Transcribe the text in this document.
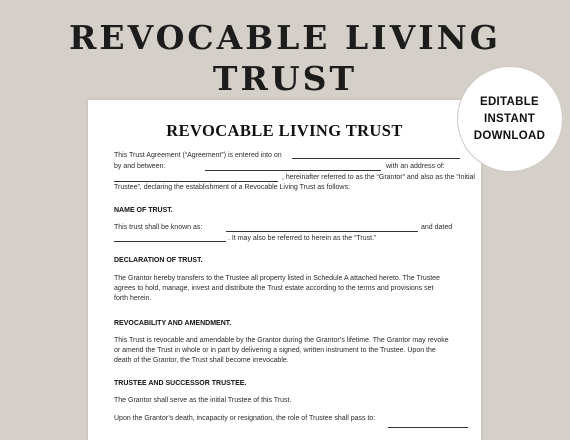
REVOCABLE LIVING
TRUST
REVOCABLE LIVING TRUST
This Trust Agreement (“Agreement”) is entered into on
by and between:	with an address of:
, hereinafter referred to as the “Grantor” and also as the “Initial
Trustee”, declaring the establishment of a Revocable Living Trust as follows:
NAME OF TRUST.
This trust shall be known as:	and dated
. It may also be referred to herein as the “Trust.”
DECLARATION OF TRUST.
The Grantor hereby transfers to the Trustee all property listed in Schedule A attached hereto. The Trustee
agrees to hold, manage, invest and distribute the Trust estate according to the terms and provisions set
forth herein.
REVOCABILITY AND AMENDMENT.
This Trust is revocable and amendable by the Grantor during the Grantor’s lifetime. The Grantor may revoke
or amend the Trust in whole or in part by delivering a signed, written instrument to the Trustee. Upon the
death of the Grantor, the Trust shall become irrevocable.
TRUSTEE AND SUCCESSOR TRUSTEE.
The Grantor shall serve as the initial Trustee of this Trust.
Upon the Grantor’s death, incapacity or resignation, the role of Trustee shall pass to:
EDITABLE
INSTANT
DOWNLOAD
